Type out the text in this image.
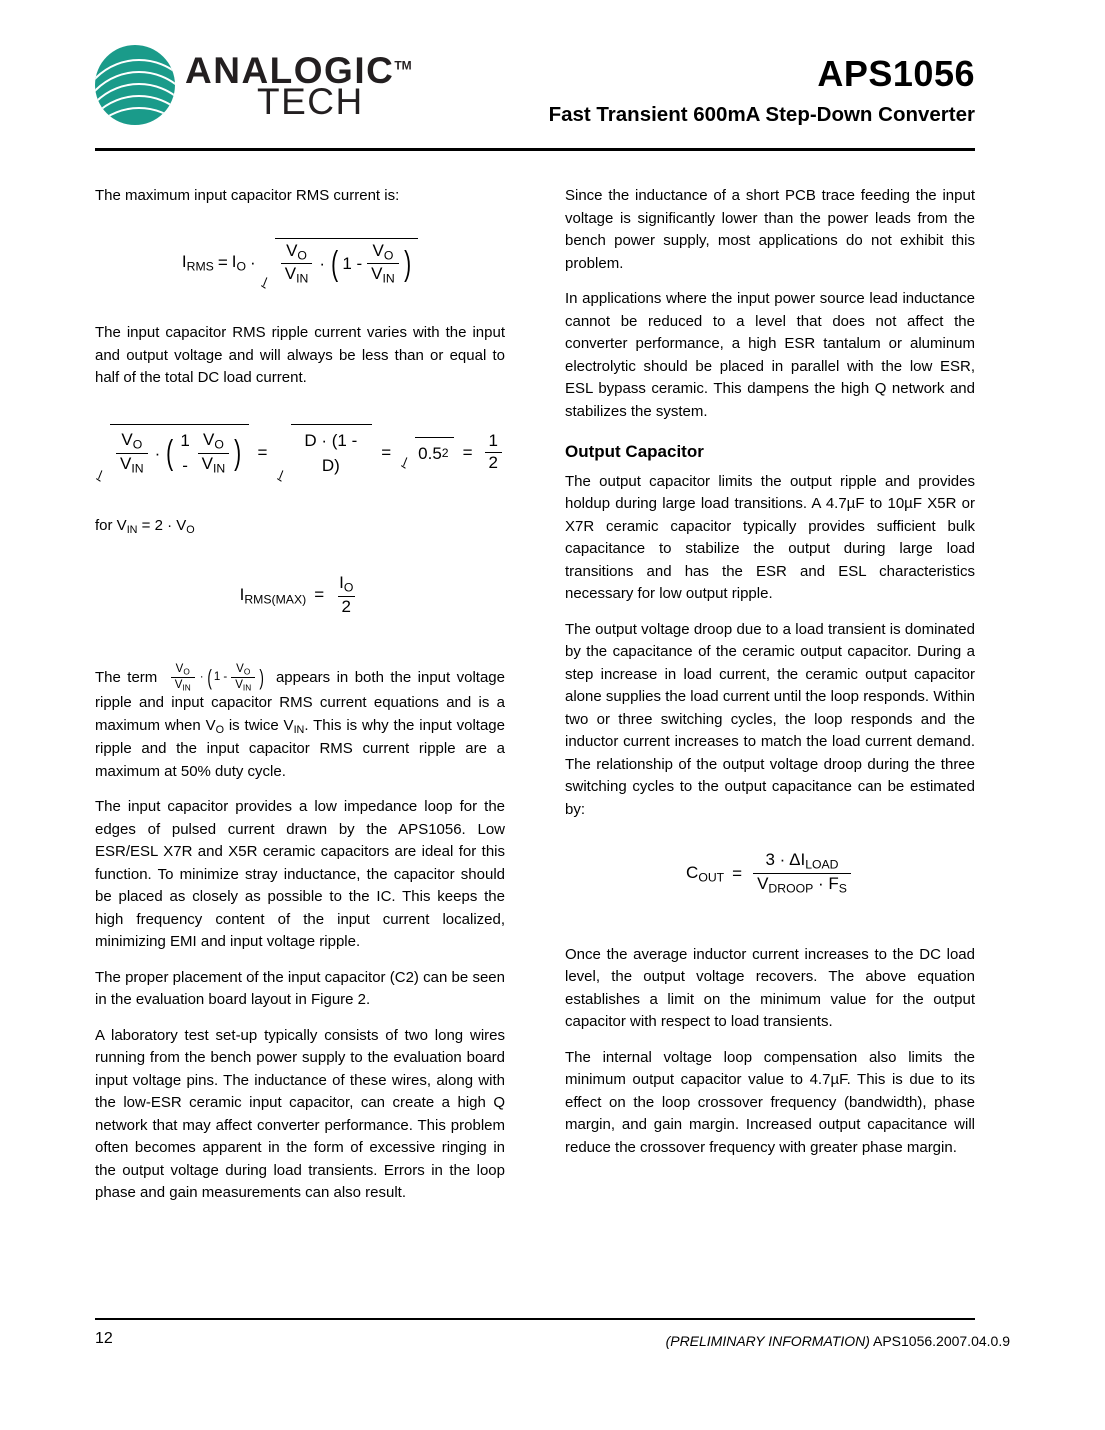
ANALOGIC™
TECH
APS1056
Fast Transient 600mA Step-Down Converter

The maximum input capacitor RMS current is:

$I_{RMS} = I_O \cdot \frac{V_O}{V_{IN}}$ · ( $1 - \frac{V_O}{V_{IN}}$ )

The input capacitor RMS ripple current varies with the input and output voltage and will always be less than or equal to half of the total DC load current.

$\frac{V_O}{V_{IN}}$ · ( $1 - \frac{V_O}{V_{IN}}$ ) =
D · (1 - D)
= 0.5 $2 = \frac{1}{2}$

for $V_{IN} = 2 \cdot V_O$

$I_{RMS(MAX)} = \frac{I_O}{2}$

The term $\frac{V_O}{V_{IN}}$ · ( $1 - \frac{V_O}{V_{IN}}$ ) appears in both the input voltage ripple and input capacitor RMS current equations and is a maximum when $V_O$ is twice $V_{IN}$. This is why the input voltage ripple and the input capacitor RMS current ripple are a maximum at 50% duty cycle.

The input capacitor provides a low impedance loop for the edges of pulsed current drawn by the APS1056. Low ESR/ESL X7R and X5R ceramic capacitors are ideal for this function. To minimize stray inductance, the capacitor should be placed as closely as possible to the IC. This keeps the high frequency content of the input current localized, minimizing EMI and input voltage ripple.

The proper placement of the input capacitor (C2) can be seen in the evaluation board layout in Figure 2.

A laboratory test set-up typically consists of two long wires running from the bench power supply to the evaluation board input voltage pins. The inductance of these wires, along with the low-ESR ceramic input capacitor, can create a high Q network that may affect converter performance. This problem often becomes apparent in the form of excessive ringing in the output voltage during load transients. Errors in the loop phase and gain measurements can also result.

Since the inductance of a short PCB trace feeding the input voltage is significantly lower than the power leads from the bench power supply, most applications do not exhibit this problem.

In applications where the input power source lead inductance cannot be reduced to a level that does not affect the converter performance, a high ESR tantalum or aluminum electrolytic should be placed in parallel with the low ESR, ESL bypass ceramic. This dampens the high Q network and stabilizes the system.

Output Capacitor

The output capacitor limits the output ripple and provides holdup during large load transitions. A 4.7µF to 10µF X5R or X7R ceramic capacitor typically provides sufficient bulk capacitance to stabilize the output during large load transitions and has the ESR and ESL characteristics necessary for low output ripple.

The output voltage droop due to a load transient is dominated by the capacitance of the ceramic output capacitor. During a step increase in load current, the ceramic output capacitor alone supplies the load current until the loop responds. Within two or three switching cycles, the loop responds and the inductor current increases to match the load current demand. The relationship of the output voltage droop during the three switching cycles to the output capacitance can be estimated by:

$C_{OUT} = \frac{3 \cdot \Delta I_{LOAD}}{V_{DROOP} \cdot F_S}$

Once the average inductor current increases to the DC load level, the output voltage recovers. The above equation establishes a limit on the minimum value for the output capacitor with respect to load transients.

The internal voltage loop compensation also limits the minimum output capacitor value to 4.7µF. This is due to its effect on the loop crossover frequency (bandwidth), phase margin, and gain margin. Increased output capacitance will reduce the crossover frequency with greater phase margin.

12	(PRELIMINARY INFORMATION) APS1056.2007.04.0.9
